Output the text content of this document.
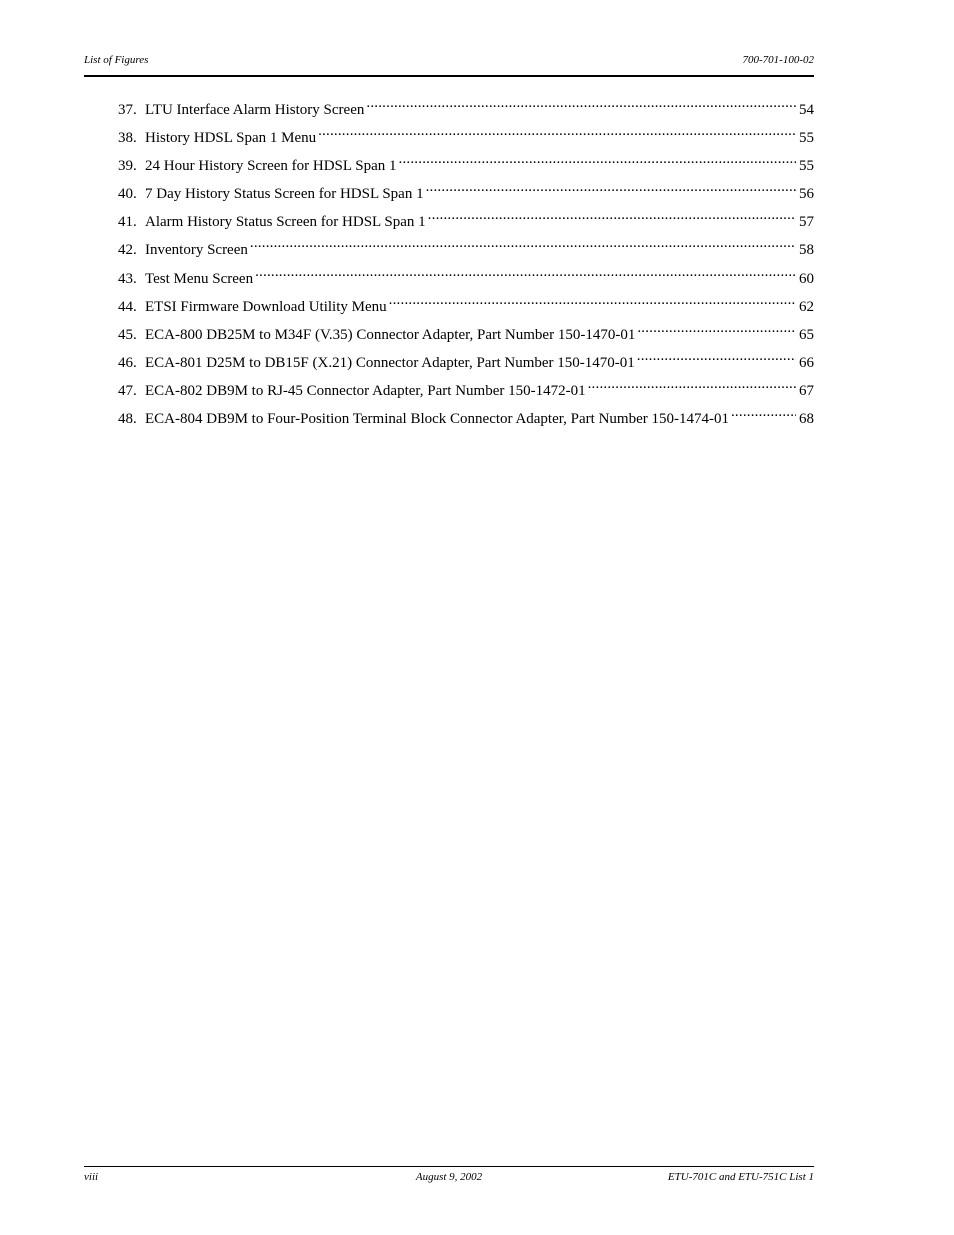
List of Figures	700-701-100-02
37. LTU Interface Alarm History Screen .....	54
38. History HDSL Span 1 Menu .....	55
39. 24 Hour History Screen for HDSL Span 1 .....	55
40. 7 Day History Status Screen for HDSL Span 1 .....	56
41. Alarm History Status Screen for HDSL Span 1 .....	57
42. Inventory Screen .....	58
43. Test Menu Screen .....	60
44. ETSI Firmware Download Utility Menu .....	62
45. ECA-800 DB25M to M34F (V.35) Connector Adapter, Part Number 150-1470-01 .....	65
46. ECA-801 D25M to DB15F (X.21) Connector Adapter, Part Number 150-1470-01 .....	66
47. ECA-802 DB9M to RJ-45 Connector Adapter, Part Number 150-1472-01 .....	67
48. ECA-804 DB9M to Four-Position Terminal Block Connector Adapter, Part Number 150-1474-01 .....	68
viii	August 9, 2002	ETU-701C and ETU-751C List 1
